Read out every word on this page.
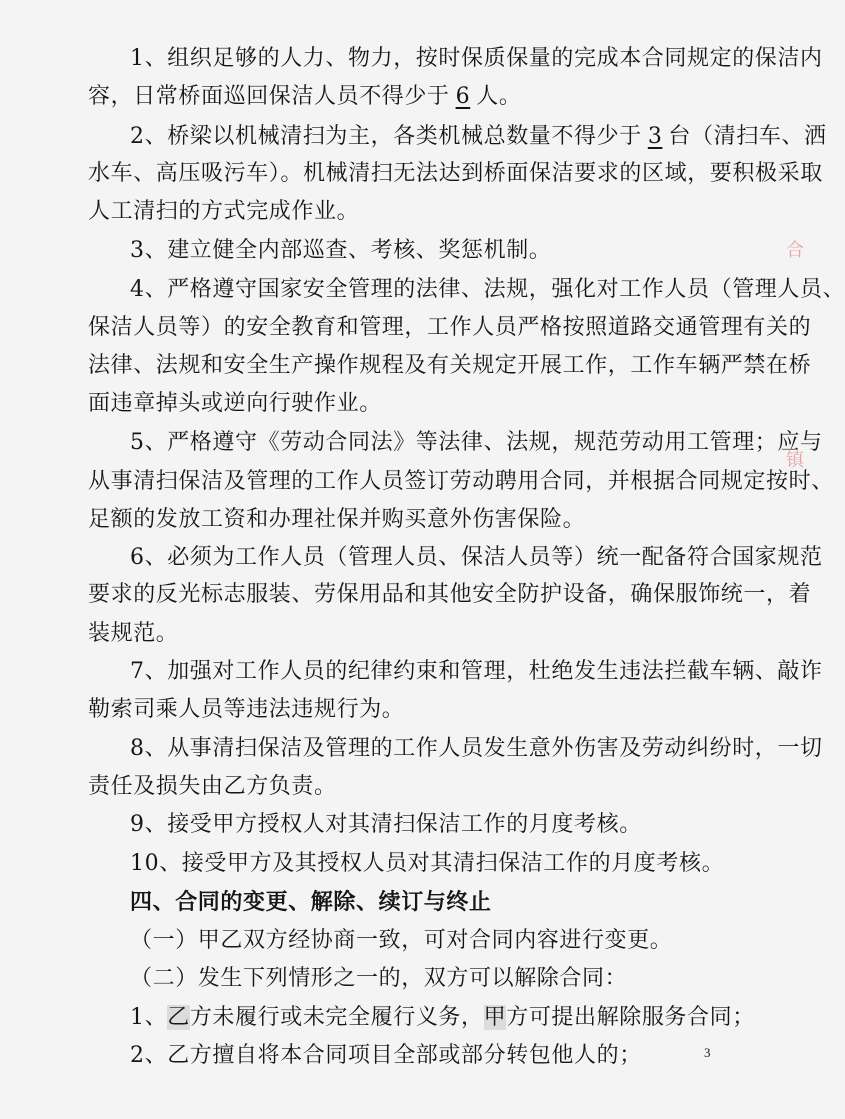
1、组织足够的人力、物力，按时保质保量的完成本合同规定的保洁内
容，日常桥面巡回保洁人员不得少于 6 人。
2、桥梁以机械清扫为主，各类机械总数量不得少于 3 台（清扫车、洒
水车、高压吸污车）。机械清扫无法达到桥面保洁要求的区域，要积极采取
人工清扫的方式完成作业。
3、建立健全内部巡查、考核、奖惩机制。
4、严格遵守国家安全管理的法律、法规，强化对工作人员（管理人员、
保洁人员等）的安全教育和管理，工作人员严格按照道路交通管理有关的
法律、法规和安全生产操作规程及有关规定开展工作，工作车辆严禁在桥
面违章掉头或逆向行驶作业。
5、严格遵守《劳动合同法》等法律、法规，规范劳动用工管理；应与
从事清扫保洁及管理的工作人员签订劳动聘用合同，并根据合同规定按时、
足额的发放工资和办理社保并购买意外伤害保险。
6、必须为工作人员（管理人员、保洁人员等）统一配备符合国家规范
要求的反光标志服装、劳保用品和其他安全防护设备，确保服饰统一，着
装规范。
7、加强对工作人员的纪律约束和管理，杜绝发生违法拦截车辆、敲诈
勒索司乘人员等违法违规行为。
8、从事清扫保洁及管理的工作人员发生意外伤害及劳动纠纷时，一切
责任及损失由乙方负责。
9、接受甲方授权人对其清扫保洁工作的月度考核。
10、接受甲方及其授权人员对其清扫保洁工作的月度考核。
四、合同的变更、解除、续订与终止
（一）甲乙双方经协商一致，可对合同内容进行变更。
（二）发生下列情形之一的，双方可以解除合同：
1、乙方未履行或未完全履行义务，甲方可提出解除服务合同；
2、乙方擅自将本合同项目全部或部分转包他人的；
合
镇
3
